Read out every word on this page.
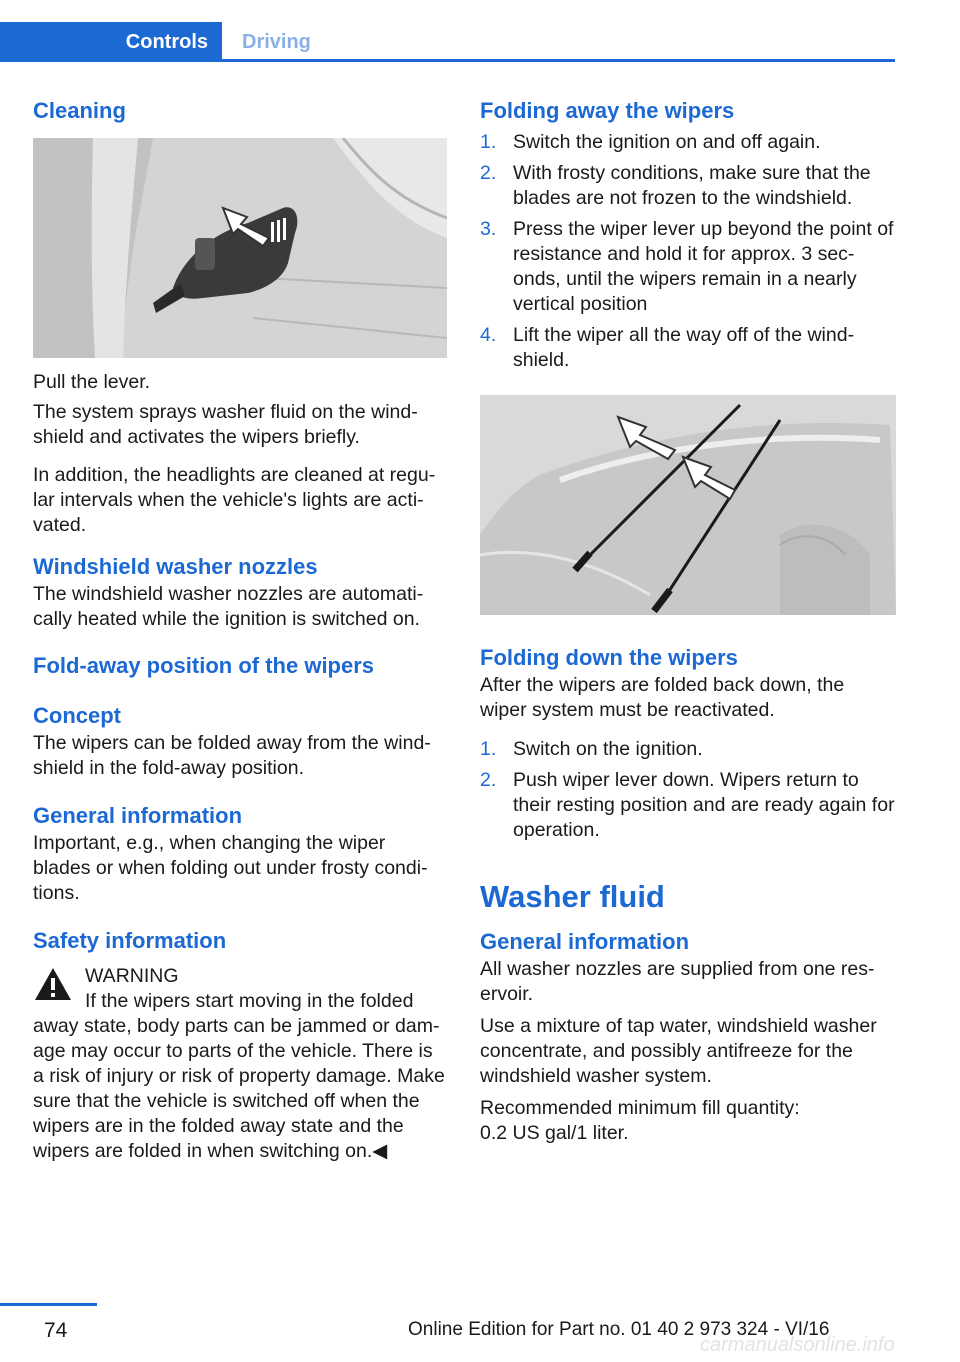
Controls	Driving
Cleaning

Pull the lever.

The system sprays washer fluid on the wind‐ shield and activates the wipers briefly.

In addition, the headlights are cleaned at regu‐ lar intervals when the vehicle's lights are acti‐ vated.

Windshield washer nozzles

The windshield washer nozzles are automati‐ cally heated while the ignition is switched on.

Fold-away position of the wipers
Concept

The wipers can be folded away from the wind‐ shield in the fold-away position.

General information

Important, e.g., when changing the wiper blades or when folding out under frosty condi‐ tions.

Safety information

WARNING

If the wipers start moving in the folded away state, body parts can be jammed or dam‐ age may occur to parts of the vehicle. There is a risk of injury or risk of property damage. Make sure that the vehicle is switched off when the wipers are in the folded away state and the wipers are folded in when switching on.◀

Folding away the wipers
1. Switch the ignition on and off again.
2. With frosty conditions, make sure that the blades are not frozen to the windshield.
3. Press the wiper lever up beyond the point of resistance and hold it for approx. 3 sec‐ onds, until the wipers remain in a nearly vertical position
4. Lift the wiper all the way off of the wind‐ shield.
Folding down the wipers

After the wipers are folded back down, the wiper system must be reactivated.

1. Switch on the ignition.
2. Push wiper lever down. Wipers return to their resting position and are ready again for operation.
Washer fluid
General information

All washer nozzles are supplied from one res‐ ervoir.

Use a mixture of tap water, windshield washer concentrate, and possibly antifreeze for the windshield washer system.

Recommended minimum fill quantity:

0.2 US gal/1 liter.

74	Online Edition for Part no. 01 40 2 973 324 - VI/16
carmanualsonline.info
